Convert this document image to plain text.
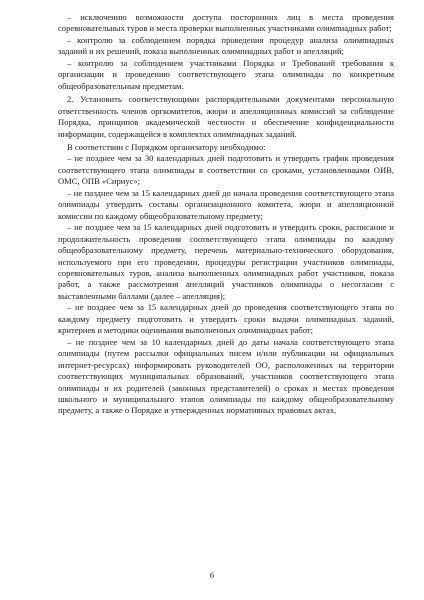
– исключению возможности доступа посторонних лиц в места проведения соревновательных туров и места проверки выполненных участниками олимпиадных работ;

– контролю за соблюдением порядка проведения процедур анализа олимпиадных заданий и их решений, показа выполненных олимпиадных работ и апелляций;

– контролю за соблюдением участниками Порядка и Требований требования к организации и проведению соответствующего этапа олимпиады по конкретным общеобразовательным предметам.

2. Установить соответствующими распорядительными документами персональную ответственность членов оргкомитетов, жюри и апелляционных комиссий за соблюдение Порядка, принципов академической честности и обеспечение конфиденциальности информации, содержащейся в комплектах олимпиадных заданий.

В соответствии с Порядком организатору необходимо:

– не позднее чем за 30 календарных дней подготовить и утвердить график проведения соответствующего этапа олимпиады в соответствии со сроками, установленными ОИВ, ОМС, ОПВ «Сириус»;

– не позднее чем за 15 календарных дней до начала проведения соответствующего этапа олимпиады утвердить составы организационного комитета, жюри и апелляционной комиссии по каждому общеобразовательному предмету;

– не позднее чем за 15 календарных дней подготовить и утвердить сроки, расписание и продолжительность проведения соответствующего этапа олимпиады по каждому общеобразовательному предмету, перечень материально-технического оборудования, используемого при его проведении, процедуры регистрации участников олимпиады, соревновательных туров, анализа выполненных олимпиадных работ участников, показа работ, а также рассмотрения апелляций участников олимпиады о несогласии с выставленными баллами (далее – апелляция);

– не позднее чем за 15 календарных дней до проведения соответствующего этапа по каждому предмету подготовить и утвердить сроки выдачи олимпиадных заданий, критериев и методики оценивания выполненных олимпиадных работ;

– не позднее чем за 10 календарных дней до даты начала соответствующего этапа олимпиады (путем рассылки официальных писем и/или публикации на официальных интернет-ресурсах) информировать руководителей ОО, расположенных на территории соответствующих муниципальных образований, участников соответствующего этапа олимпиады и их родителей (законных представителей) о сроках и местах проведения школьного и муниципального этапов олимпиады по каждому общеобразовательному предмету, а также о Порядке и утвержденных нормативных правовых актах,

6
